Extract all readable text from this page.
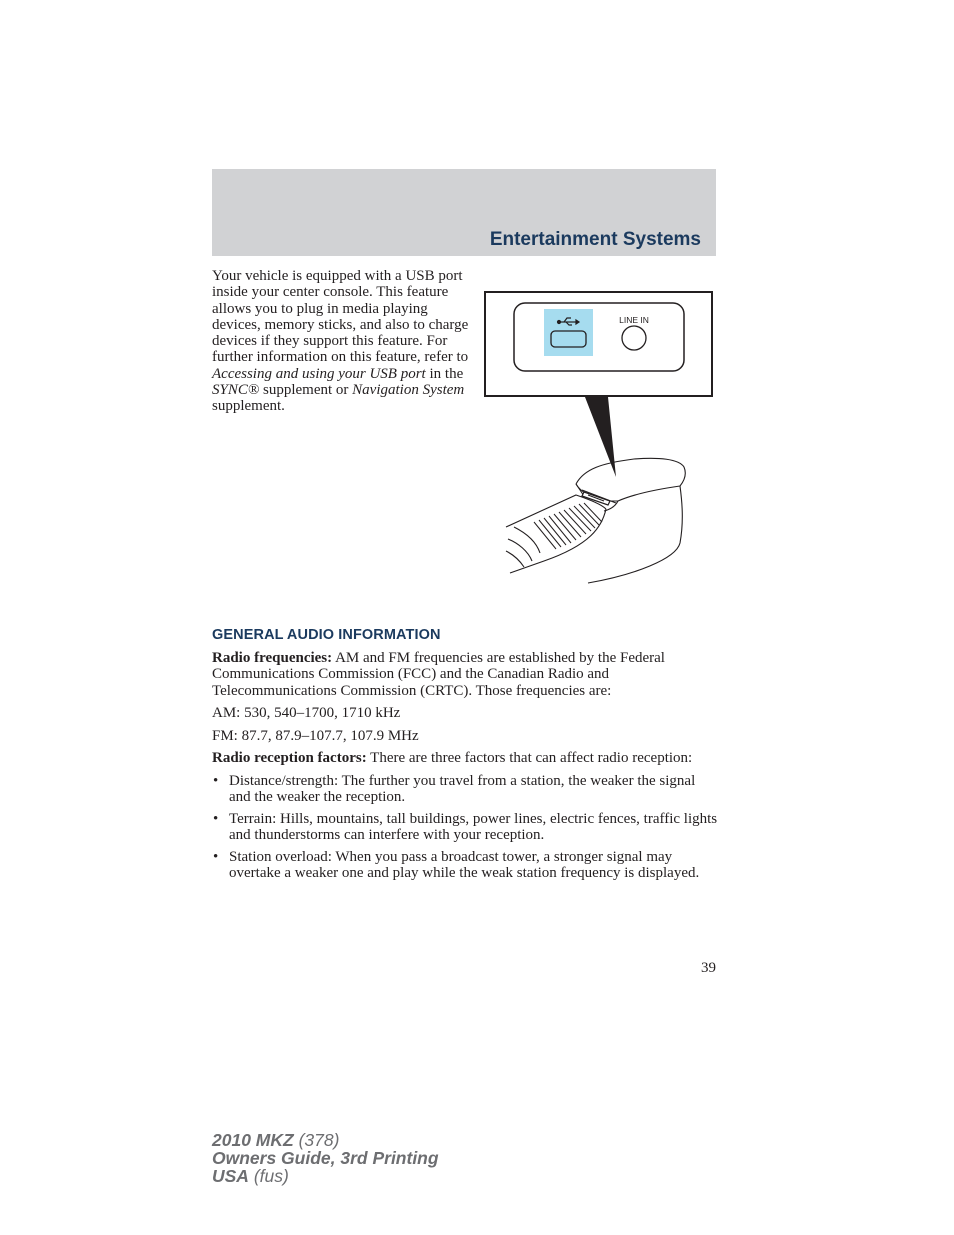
Entertainment Systems
Your vehicle is equipped with a USB port inside your center console. This feature allows you to plug in media playing devices, memory sticks, and also to charge devices if they support this feature. For further information on this feature, refer to Accessing and using your USB port in the SYNC® supplement or Navigation System supplement.
LINE IN
GENERAL AUDIO INFORMATION

Radio frequencies: AM and FM frequencies are established by the Federal Communications Commission (FCC) and the Canadian Radio and Telecommunications Commission (CRTC). Those frequencies are:

AM: 530, 540–1700, 1710 kHz

FM: 87.7, 87.9–107.7, 107.9 MHz

Radio reception factors: There are three factors that can affect radio reception:

• Distance/strength: The further you travel from a station, the weaker the signal and the weaker the reception.
• Terrain: Hills, mountains, tall buildings, power lines, electric fences, traffic lights and thunderstorms can interfere with your reception.
• Station overload: When you pass a broadcast tower, a stronger signal may overtake a weaker one and play while the weak station frequency is displayed.
39
2010 MKZ (378)
Owners Guide, 3rd Printing
USA (fus)
